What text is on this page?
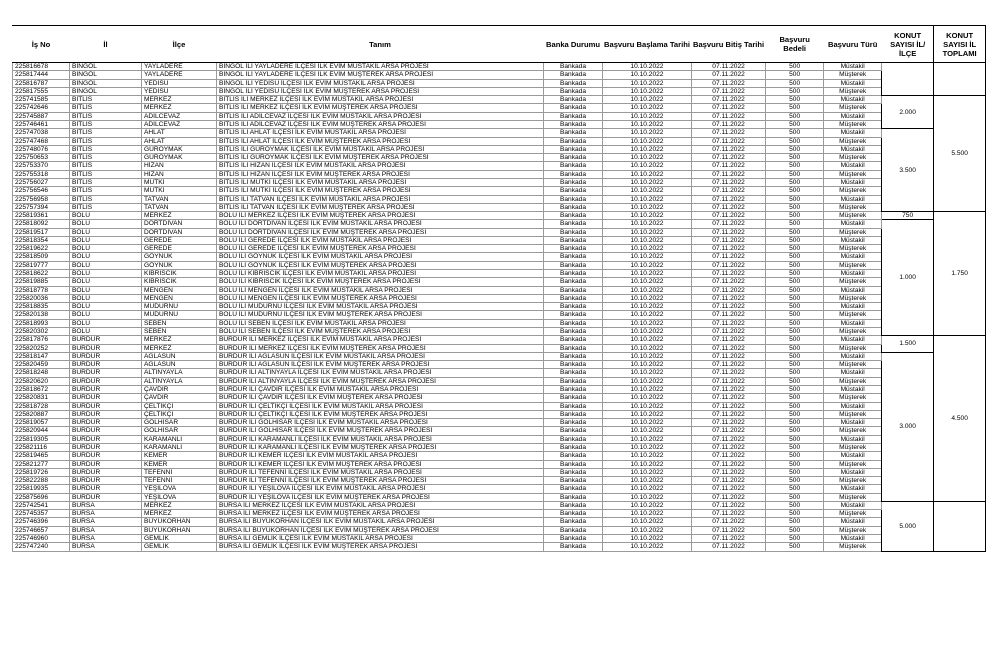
İş No	İl	İlçe	Tanım	Banka Durumu	Başvuru Başlama Tarihi	Başvuru Bitiş Tarihi	Başvuru Bedeli	Başvuru Türü	KONUT SAYISI İL/İLÇE	KONUT SAYISI İL TOPLAMI
225816678	BİNGÖL	YAYLADERE	BİNGÖL İLİ YAYLADERE İLÇESİ İLK EVİM MÜSTAKİL ARSA PROJESİ	Bankada	10.10.2022	07.11.2022	500	Müstakil		
225817444	BİNGÖL	YAYLADERE	BİNGÖL İLİ YAYLADERE İLÇESİ İLK EVİM MÜŞTEREK ARSA PROJESİ	Bankada	10.10.2022	07.11.2022	500	Müşterek		
225816787	BİNGÖL	YEDİSU	BİNGÖL İLİ YEDİSU İLÇESİ İLK EVİM MÜSTAKİL ARSA PROJESİ	Bankada	10.10.2022	07.11.2022	500	Müstakil		
225817555	BİNGÖL	YEDİSU	BİNGÖL İLİ YEDİSU İLÇESİ İLK EVİM MÜŞTEREK ARSA PROJESİ	Bankada	10.10.2022	07.11.2022	500	Müşterek		
225741585	BİTLİS	MERKEZ	BİTLİS İLİ MERKEZ İLÇESİ İLK EVİM MÜSTAKİL ARSA PROJESİ	Bankada	10.10.2022	07.11.2022	500	Müstakil	2.000	5.500
225742646	BİTLİS	MERKEZ	BİTLİS İLİ MERKEZ İLÇESİ İLK EVİM MÜŞTEREK ARSA PROJESİ	Bankada	10.10.2022	07.11.2022	500	Müşterek		
225745887	BİTLİS	ADİLCEVAZ	BİTLİS İLİ ADİLCEVAZ İLÇESİ İLK EVİM MÜSTAKİL ARSA PROJESİ	Bankada	10.10.2022	07.11.2022	500	Müstakil		
225746461	BİTLİS	ADİLCEVAZ	BİTLİS İLİ ADİLCEVAZ İLÇESİ İLK EVİM MÜŞTEREK ARSA PROJESİ	Bankada	10.10.2022	07.11.2022	500	Müşterek		
225747038	BİTLİS	AHLAT	BİTLİS İLİ AHLAT İLÇESİ İLK EVİM MÜSTAKİL ARSA PROJESİ	Bankada	10.10.2022	07.11.2022	500	Müstakil	3.500	
225747468	BİTLİS	AHLAT	BİTLİS İLİ AHLAT İLÇESİ İLK EVİM MÜŞTEREK ARSA PROJESİ	Bankada	10.10.2022	07.11.2022	500	Müşterek		
225748076	BİTLİS	GÜROYMAK	BİTLİS İLİ GÜROYMAK İLÇESİ İLK EVİM MÜSTAKİL ARSA PROJESİ	Bankada	10.10.2022	07.11.2022	500	Müstakil		
225750653	BİTLİS	GÜROYMAK	BİTLİS İLİ GÜROYMAK İLÇESİ İLK EVİM MÜŞTEREK ARSA PROJESİ	Bankada	10.10.2022	07.11.2022	500	Müşterek		
225753370	BİTLİS	HİZAN	BİTLİS İLİ HİZAN İLÇESİ İLK EVİM MÜSTAKİL ARSA PROJESİ	Bankada	10.10.2022	07.11.2022	500	Müstakil		
225755318	BİTLİS	HİZAN	BİTLİS İLİ HİZAN İLÇESİ İLK EVİM MÜŞTEREK ARSA PROJESİ	Bankada	10.10.2022	07.11.2022	500	Müşterek		
225756027	BİTLİS	MUTKİ	BİTLİS İLİ MUTKİ İLÇESİ İLK EVİM MÜSTAKİL ARSA PROJESİ	Bankada	10.10.2022	07.11.2022	500	Müstakil		
225756546	BİTLİS	MUTKİ	BİTLİS İLİ MUTKİ İLÇESİ İLK EVİM MÜŞTEREK ARSA PROJESİ	Bankada	10.10.2022	07.11.2022	500	Müşterek		
225756958	BİTLİS	TATVAN	BİTLİS İLİ TATVAN İLÇESİ İLK EVİM MÜSTAKİL ARSA PROJESİ	Bankada	10.10.2022	07.11.2022	500	Müstakil		
225757394	BİTLİS	TATVAN	BİTLİS İLİ TATVAN İLÇESİ İLK EVİM MÜŞTEREK ARSA PROJESİ	Bankada	10.10.2022	07.11.2022	500	Müşterek		
225819361	BOLU	MERKEZ	BOLU İLİ MERKEZ İLÇESİ İLK EVİM MÜŞTEREK ARSA PROJESİ	Bankada	10.10.2022	07.11.2022	500	Müşterek	750	1.750
225818092	BOLU	DÖRTDİVAN	BOLU İLİ DÖRTDİVAN İLÇESİ İLK EVİM MÜSTAKİL ARSA PROJESİ	Bankada	10.10.2022	07.11.2022	500	Müstakil	1.000	
225819517	BOLU	DÖRTDİVAN	BOLU İLİ DÖRTDİVAN İLÇESİ İLK EVİM MÜŞTEREK ARSA PROJESİ	Bankada	10.10.2022	07.11.2022	500	Müşterek		
225818354	BOLU	GEREDE	BOLU İLİ GEREDE İLÇESİ İLK EVİM MÜSTAKİL ARSA PROJESİ	Bankada	10.10.2022	07.11.2022	500	Müstakil		
225819622	BOLU	GEREDE	BOLU İLİ GEREDE İLÇESİ İLK EVİM MÜŞTEREK ARSA PROJESİ	Bankada	10.10.2022	07.11.2022	500	Müşterek		
225818509	BOLU	GÖYNÜK	BOLU İLİ GÖYNÜK İLÇESİ İLK EVİM MÜSTAKİL ARSA PROJESİ	Bankada	10.10.2022	07.11.2022	500	Müstakil		
225819777	BOLU	GÖYNÜK	BOLU İLİ GÖYNÜK İLÇESİ İLK EVİM MÜŞTEREK ARSA PROJESİ	Bankada	10.10.2022	07.11.2022	500	Müşterek		
225818622	BOLU	KIBRISCIK	BOLU İLİ KIBRISCIK İLÇESİ İLK EVİM MÜSTAKİL ARSA PROJESİ	Bankada	10.10.2022	07.11.2022	500	Müstakil		
225819885	BOLU	KIBRISCIK	BOLU İLİ KIBRISCIK İLÇESİ İLK EVİM MÜŞTEREK ARSA PROJESİ	Bankada	10.10.2022	07.11.2022	500	Müşterek		
225818778	BOLU	MENGEN	BOLU İLİ MENGEN İLÇESİ İLK EVİM MÜSTAKİL ARSA PROJESİ	Bankada	10.10.2022	07.11.2022	500	Müstakil		
225820036	BOLU	MENGEN	BOLU İLİ MENGEN İLÇESİ İLK EVİM MÜŞTEREK ARSA PROJESİ	Bankada	10.10.2022	07.11.2022	500	Müşterek		
225818835	BOLU	MUDURNU	BOLU İLİ MUDURNU İLÇESİ İLK EVİM MÜSTAKİL ARSA PROJESİ	Bankada	10.10.2022	07.11.2022	500	Müstakil		
225820138	BOLU	MUDURNU	BOLU İLİ MUDURNU İLÇESİ İLK EVİM MÜŞTEREK ARSA PROJESİ	Bankada	10.10.2022	07.11.2022	500	Müşterek		
225818993	BOLU	SEBEN	BOLU İLİ SEBEN İLÇESİ İLK EVİM MÜSTAKİL ARSA PROJESİ	Bankada	10.10.2022	07.11.2022	500	Müstakil		
225820302	BOLU	SEBEN	BOLU İLİ SEBEN İLÇESİ İLK EVİM MÜŞTEREK ARSA PROJESİ	Bankada	10.10.2022	07.11.2022	500	Müşterek		
225817876	BURDUR	MERKEZ	BURDUR İLİ MERKEZ İLÇESİ İLK EVİM MÜSTAKİL ARSA PROJESİ	Bankada	10.10.2022	07.11.2022	500	Müstakil	1.500	4.500
225820252	BURDUR	MERKEZ	BURDUR İLİ MERKEZ İLÇESİ İLK EVİM MÜŞTEREK ARSA PROJESİ	Bankada	10.10.2022	07.11.2022	500	Müşterek		
225818147	BURDUR	AĞLASUN	BURDUR İLİ AĞLASUN İLÇESİ İLK EVİM MÜSTAKİL ARSA PROJESİ	Bankada	10.10.2022	07.11.2022	500	Müstakil	3.000	
225820459	BURDUR	AĞLASUN	BURDUR İLİ AĞLASUN İLÇESİ İLK EVİM MÜŞTEREK ARSA PROJESİ	Bankada	10.10.2022	07.11.2022	500	Müşterek		
225818248	BURDUR	ALTINYAYLA	BURDUR İLİ ALTINYAYLA İLÇESİ İLK EVİM MÜSTAKİL ARSA PROJESİ	Bankada	10.10.2022	07.11.2022	500	Müstakil		
225820620	BURDUR	ALTINYAYLA	BURDUR İLİ ALTINYAYLA İLÇESİ İLK EVİM MÜŞTEREK ARSA PROJESİ	Bankada	10.10.2022	07.11.2022	500	Müşterek		
225818672	BURDUR	ÇAVDIR	BURDUR İLİ ÇAVDIR İLÇESİ İLK EVİM MÜSTAKİL ARSA PROJESİ	Bankada	10.10.2022	07.11.2022	500	Müstakil		
225820831	BURDUR	ÇAVDIR	BURDUR İLİ ÇAVDIR İLÇESİ İLK EVİM MÜŞTEREK ARSA PROJESİ	Bankada	10.10.2022	07.11.2022	500	Müşterek		
225818728	BURDUR	ÇELTİKÇİ	BURDUR İLİ ÇELTİKÇİ İLÇESİ İLK EVİM MÜSTAKİL ARSA PROJESİ	Bankada	10.10.2022	07.11.2022	500	Müstakil		
225820887	BURDUR	ÇELTİKÇİ	BURDUR İLİ ÇELTİKÇİ İLÇESİ İLK EVİM MÜŞTEREK ARSA PROJESİ	Bankada	10.10.2022	07.11.2022	500	Müşterek		
225819057	BURDUR	GÖLHİSAR	BURDUR İLİ GÖLHİSAR İLÇESİ İLK EVİM MÜSTAKİL ARSA PROJESİ	Bankada	10.10.2022	07.11.2022	500	Müstakil		
225820944	BURDUR	GÖLHİSAR	BURDUR İLİ GÖLHİSAR İLÇESİ İLK EVİM MÜŞTEREK ARSA PROJESİ	Bankada	10.10.2022	07.11.2022	500	Müşterek		
225819305	BURDUR	KARAMANLI	BURDUR İLİ KARAMANLI İLÇESİ İLK EVİM MÜSTAKİL ARSA PROJESİ	Bankada	10.10.2022	07.11.2022	500	Müstakil		
225821116	BURDUR	KARAMANLI	BURDUR İLİ KARAMANLI İLÇESİ İLK EVİM MÜŞTEREK ARSA PROJESİ	Bankada	10.10.2022	07.11.2022	500	Müşterek		
225819465	BURDUR	KEMER	BURDUR İLİ KEMER İLÇESİ İLK EVİM MÜSTAKİL ARSA PROJESİ	Bankada	10.10.2022	07.11.2022	500	Müstakil		
225821277	BURDUR	KEMER	BURDUR İLİ KEMER İLÇESİ İLK EVİM MÜŞTEREK ARSA PROJESİ	Bankada	10.10.2022	07.11.2022	500	Müşterek		
225819726	BURDUR	TEFENNİ	BURDUR İLİ TEFENNİ İLÇESİ İLK EVİM MÜSTAKİL ARSA PROJESİ	Bankada	10.10.2022	07.11.2022	500	Müstakil		
225822288	BURDUR	TEFENNİ	BURDUR İLİ TEFENNİ İLÇESİ İLK EVİM MÜŞTEREK ARSA PROJESİ	Bankada	10.10.2022	07.11.2022	500	Müşterek		
225819935	BURDUR	YEŞİLOVA	BURDUR İLİ YEŞİLOVA İLÇESİ İLK EVİM MÜSTAKİL ARSA PROJESİ	Bankada	10.10.2022	07.11.2022	500	Müstakil		
225875696	BURDUR	YEŞİLOVA	BURDUR İLİ YEŞİLOVA İLÇESİ İLK EVİM MÜŞTEREK ARSA PROJESİ	Bankada	10.10.2022	07.11.2022	500	Müşterek		
225742541	BURSA	MERKEZ	BURSA İLİ MERKEZ İLÇESİ İLK EVİM MÜSTAKİL ARSA PROJESİ	Bankada	10.10.2022	07.11.2022	500	Müstakil	5.000	
225745357	BURSA	MERKEZ	BURSA İLİ MERKEZ İLÇESİ İLK EVİM MÜŞTEREK ARSA PROJESİ	Bankada	10.10.2022	07.11.2022	500	Müşterek		
225746396	BURSA	BÜYÜKORHAN	BURSA İLİ BÜYÜKORHAN İLÇESİ İLK EVİM MÜSTAKİL ARSA PROJESİ	Bankada	10.10.2022	07.11.2022	500	Müstakil		
225746657	BURSA	BÜYÜKORHAN	BURSA İLİ BÜYÜKORHAN İLÇESİ İLK EVİM MÜŞTEREK ARSA PROJESİ	Bankada	10.10.2022	07.11.2022	500	Müşterek		
225746960	BURSA	GEMLİK	BURSA İLİ GEMLİK İLÇESİ İLK EVİM MÜSTAKİL ARSA PROJESİ	Bankada	10.10.2022	07.11.2022	500	Müstakil		
225747240	BURSA	GEMLİK	BURSA İLİ GEMLİK İLÇESİ İLK EVİM MÜŞTEREK ARSA PROJESİ	Bankada	10.10.2022	07.11.2022	500	Müşterek		
